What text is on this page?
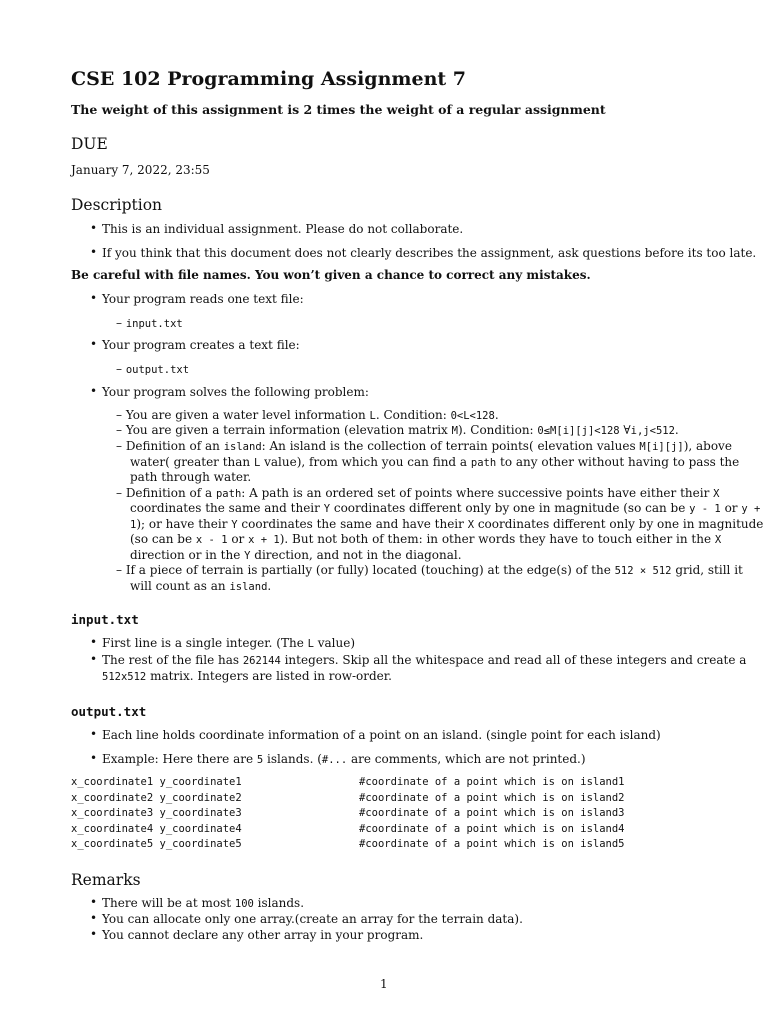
CSE 102 Programming Assignment 7
The weight of this assignment is 2 times the weight of a regular assignment
DUE
January 7, 2022, 23:55
Description
• This is an individual assignment. Please do not collaborate.
• If you think that this document does not clearly describes the assignment, ask questions before its too late.
Be careful with file names. You won’t given a chance to correct any mistakes.
• Your program reads one text file:
– input.txt
• Your program creates a text file:
– output.txt
• Your program solves the following problem:
– You are given a water level information L. Condition: 0<L<128.
– You are given a terrain information (elevation matrix M). Condition: 0≤M[i][j]<128 ∀i,j<512.
– Definition of an island: An island is the collection of terrain points( elevation values M[i][j]), above
water( greater than L value), from which you can find a path to any other without having to pass the
path through water.
– Definition of a path: A path is an ordered set of points where successive points have either their X
coordinates the same and their Y coordinates different only by one in magnitude (so can be y - 1 or y +
1); or have their Y coordinates the same and have their X coordinates different only by one in magnitude
(so can be x - 1 or x + 1). But not both of them: in other words they have to touch either in the X
direction or in the Y direction, and not in the diagonal.
– If a piece of terrain is partially (or fully) located (touching) at the edge(s) of the 512 × 512 grid, still it
will count as an island.
input.txt
• First line is a single integer. (The L value)
• The rest of the file has 262144 integers. Skip all the whitespace and read all of these integers and create a
512x512 matrix. Integers are listed in row-order.
output.txt
• Each line holds coordinate information of a point on an island. (single point for each island)
• Example: Here there are 5 islands. (#... are comments, which are not printed.)
x_coordinate1 y_coordinate1	#coordinate of a point which is on island1
x_coordinate2 y_coordinate2	#coordinate of a point which is on island2
x_coordinate3 y_coordinate3	#coordinate of a point which is on island3
x_coordinate4 y_coordinate4	#coordinate of a point which is on island4
x_coordinate5 y_coordinate5	#coordinate of a point which is on island5
Remarks
• There will be at most 100 islands.
• You can allocate only one array.(create an array for the terrain data).
• You cannot declare any other array in your program.
1
